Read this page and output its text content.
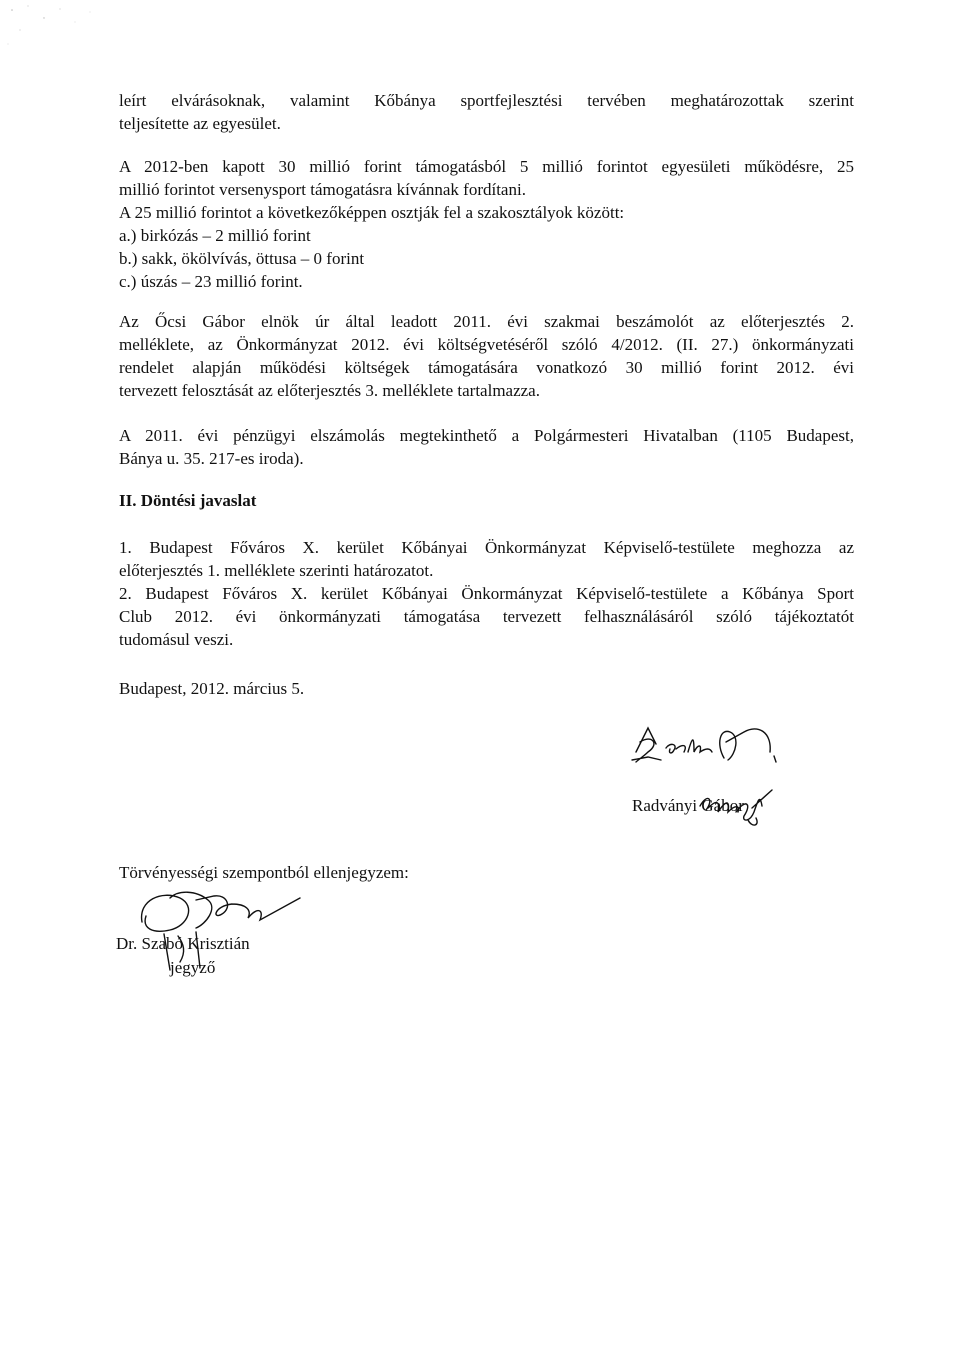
leírt elvárásoknak, valamint Kőbánya sportfejlesztési tervében meghatározottak szerint
teljesítette az egyesület.
A 2012-ben kapott 30 millió forint támogatásból 5 millió forintot egyesületi működésre, 25
millió forintot versenysport támogatásra kívánnak fordítani.
A 25 millió forintot a következőképpen osztják fel a szakosztályok között:
a.) birkózás – 2 millió forint
b.) sakk, ökölvívás, öttusa – 0 forint
c.) úszás – 23 millió forint.
Az Őcsi Gábor elnök úr által leadott 2011. évi szakmai beszámolót az előterjesztés 2.
melléklete, az Önkormányzat 2012. évi költségvetéséről szóló 4/2012. (II. 27.) önkormányzati
rendelet alapján működési költségek támogatására vonatkozó 30 millió forint 2012. évi
tervezett felosztását az előterjesztés 3. melléklete tartalmazza.
A 2011. évi pénzügyi elszámolás megtekinthető a Polgármesteri Hivatalban (1105 Budapest,
Bánya u. 35. 217-es iroda).
II. Döntési javaslat
1. Budapest Főváros X. kerület Kőbányai Önkormányzat Képviselő-testülete meghozza az
előterjesztés 1. melléklete szerinti határozatot.
2. Budapest Főváros X. kerület Kőbányai Önkormányzat Képviselő-testülete a Kőbánya Sport
Club 2012. évi önkormányzati támogatása tervezett felhasználásáról szóló tájékoztatót
tudomásul veszi.
Budapest, 2012. március 5.
Radványi Gábor
Törvényességi szempontból ellenjegyzem:
Dr. Szabó Krisztián
jegyző
